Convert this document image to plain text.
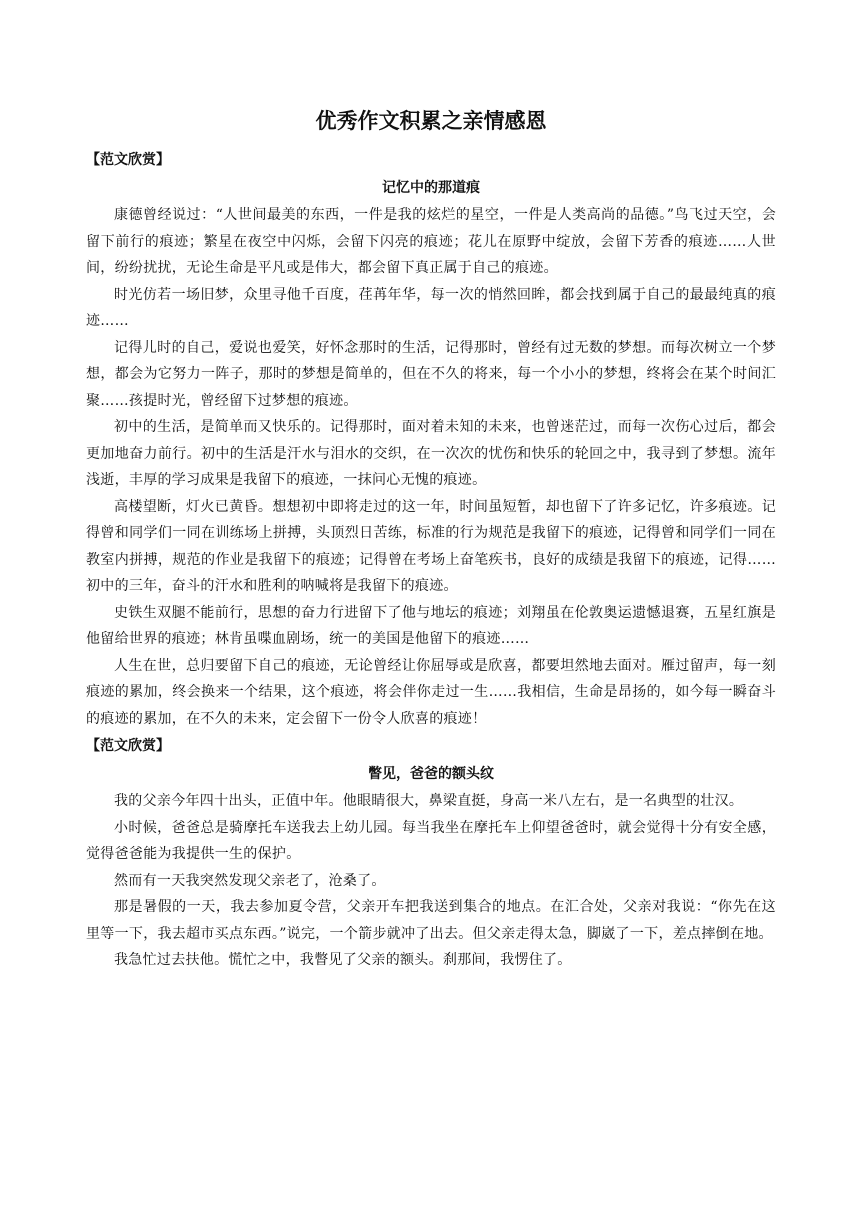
优秀作文积累之亲情感恩
【范文欣赏】
记忆中的那道痕

康德曾经说过：“人世间最美的东西，一件是我的炫烂的星空，一件是人类高尚的品德。”鸟飞过天空，会留下前行的痕迹；繁星在夜空中闪烁，会留下闪亮的痕迹；花儿在原野中绽放，会留下芳香的痕迹……人世间，纷纷扰扰，无论生命是平凡或是伟大，都会留下真正属于自己的痕迹。

时光仿若一场旧梦，众里寻他千百度，荏苒年华，每一次的悄然回眸，都会找到属于自己的最最纯真的痕迹……

记得儿时的自己，爱说也爱笑，好怀念那时的生活，记得那时，曾经有过无数的梦想。而每次树立一个梦想，都会为它努力一阵子，那时的梦想是简单的，但在不久的将来，每一个小小的梦想，终将会在某个时间汇聚……孩提时光，曾经留下过梦想的痕迹。

初中的生活，是简单而又快乐的。记得那时，面对着未知的未来，也曾迷茫过，而每一次伤心过后，都会更加地奋力前行。初中的生活是汗水与泪水的交织，在一次次的忧伤和快乐的轮回之中，我寻到了梦想。流年浅逝，丰厚的学习成果是我留下的痕迹，一抹问心无愧的痕迹。

高楼望断，灯火已黄昏。想想初中即将走过的这一年，时间虽短暂，却也留下了许多记忆，许多痕迹。记得曾和同学们一同在训练场上拼搏，头顶烈日苦练，标准的行为规范是我留下的痕迹，记得曾和同学们一同在教室内拼搏，规范的作业是我留下的痕迹；记得曾在考场上奋笔疾书，良好的成绩是我留下的痕迹，记得……初中的三年，奋斗的汗水和胜利的呐喊将是我留下的痕迹。

史铁生双腿不能前行，思想的奋力行进留下了他与地坛的痕迹；刘翔虽在伦敦奥运遗憾退赛，五星红旗是他留给世界的痕迹；林肯虽喋血剧场，统一的美国是他留下的痕迹……

人生在世，总归要留下自己的痕迹，无论曾经让你屈辱或是欣喜，都要坦然地去面对。雁过留声，每一刻痕迹的累加，终会换来一个结果，这个痕迹，将会伴你走过一生……我相信，生命是昂扬的，如今每一瞬奋斗的痕迹的累加，在不久的未来，定会留下一份令人欣喜的痕迹！

【范文欣赏】
瞥见，爸爸的额头纹

我的父亲今年四十出头，正值中年。他眼睛很大，鼻梁直挺，身高一米八左右，是一名典型的壮汉。

小时候，爸爸总是骑摩托车送我去上幼儿园。每当我坐在摩托车上仰望爸爸时，就会觉得十分有安全感，觉得爸爸能为我提供一生的保护。

然而有一天我突然发现父亲老了，沧桑了。

那是暑假的一天，我去参加夏令营，父亲开车把我送到集合的地点。在汇合处，父亲对我说：“你先在这里等一下，我去超市买点东西。”说完，一个箭步就冲了出去。但父亲走得太急，脚崴了一下，差点摔倒在地。

我急忙过去扶他。慌忙之中，我瞥见了父亲的额头。刹那间，我愣住了。
